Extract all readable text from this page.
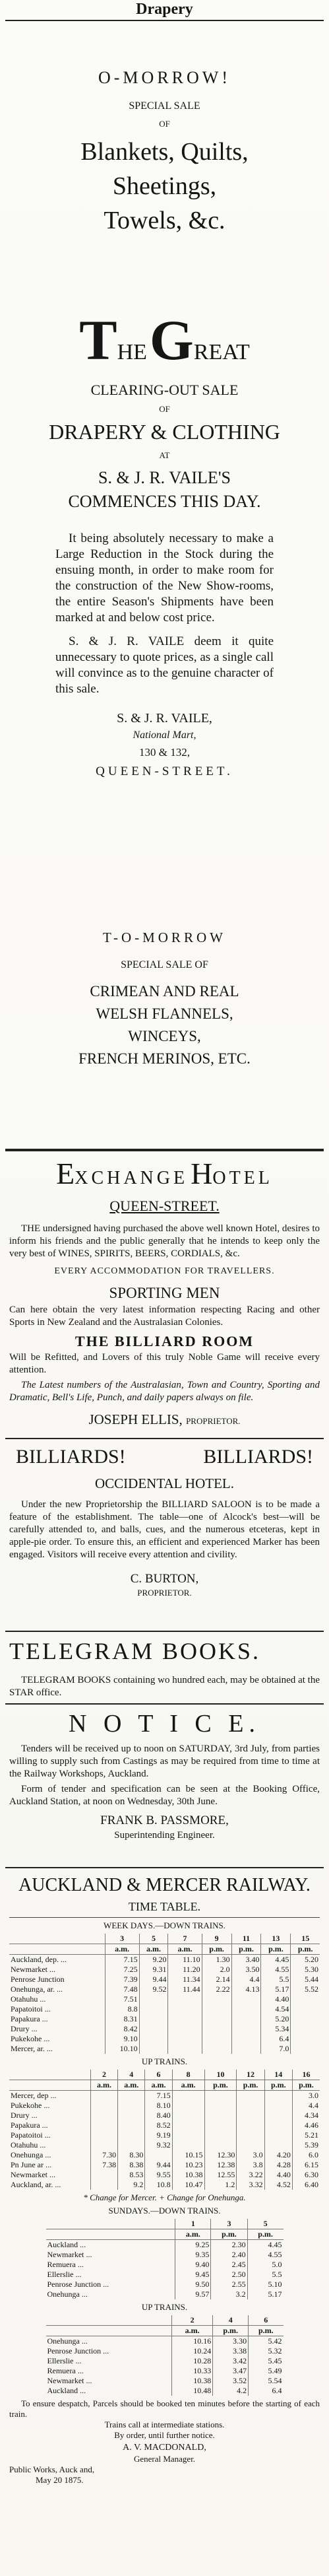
Drapery
O-MORROW!
SPECIAL SALE
OF
Blankets, Quilts,
Sheetings,
Towels, &c.
THE GREAT
CLEARING-OUT SALE
OF
DRAPERY & CLOTHING
AT
S. & J. R. VAILE'S
COMMENCES THIS DAY.
It being absolutely necessary to make a Large Reduction in the Stock during the ensuing month, in order to make room for the construction of the New Show-rooms, the entire Season's Shipments have been marked at and below cost price.
S. & J. R. VAILE deem it quite unnecessary to quote prices, as a single call will convince as to the genuine character of this sale.
S. & J. R. VAILE,
National Mart,
130 & 132,
QUEEN-STREET.
T-O-MORROW
SPECIAL SALE OF
CRIMEAN AND REAL
WELSH FLANNELS,
WINCEYS,
FRENCH MERINOS, ETC.
EXCHANGE HOTEL
QUEEN-STREET.
THE undersigned having purchased the above well known Hotel, desires to inform his friends and the public generally that he intends to keep only the very best of WINES, SPIRITS, BEERS, CORDIALS, &c.
EVERY ACCOMMODATION FOR TRAVELLERS.
SPORTING MEN
Can here obtain the very latest information respecting Racing and other Sports in New Zealand and the Australasian Colonies.
THE BILLIARD ROOM
Will be Refitted, and Lovers of this truly Noble Game will receive every attention.
The Latest numbers of the Australasian, Town and Country, Sporting and Dramatic, Bell's Life, Punch, and daily papers always on file.
JOSEPH ELLIS, PROPRIETOR.
BILLIARDS!	BILLIARDS!
OCCIDENTAL HOTEL.
Under the new Proprietorship the BILLIARD SALOON is to be made a feature of the establishment. The table—one of Alcock's best—will be carefully attended to, and balls, cues, and the numerous etceteras, kept in apple-pie order. To ensure this, an efficient and experienced Marker has been engaged. Visitors will receive every attention and civility.
C. BURTON,
PROPRIETOR.
TELEGRAM BOOKS.
TELEGRAM BOOKS containing wo hundred each, may be obtained at the STAR office.
N O T I C E.
Tenders will be received up to noon on SATURDAY, 3rd July, from parties willing to supply such from Castings as may be required from time to time at the Railway Workshops, Auckland.
Form of tender and specification can be seen at the Booking Office, Auckland Station, at noon on Wednesday, 30th June.
FRANK B. PASSMORE,
Superintending Engineer.
AUCKLAND & MERCER RAILWAY.
TIME TABLE.
WEEK DAYS.—DOWN TRAINS.
	3	5	7	9	11	13	15
	a.m.	a.m.	a.m.	p.m.	p.m.	p.m.	p.m.
Auckland, dep. ...	7.15	9.20	11.10	1.30	3.40	4.45	5.20
Newmarket ...	7.25	9.31	11.20	2.0	3.50	4.55	5.30
Penrose Junction	7.39	9.44	11.34	2.14	4.4	5.5	5.44
Onehunga, ar. ...	7.48	9.52	11.44	2.22	4.13	5.17	5.52
Otahuhu ...	7.51					4.40	
Papatoitoi ...	8.8					4.54	
Papakura ...	8.31					5.20	
Drury ...	8.42					5.34	
Pukekohe ...	9.10					6.4	
Mercer, ar. ...	10.10					7.0	
UP TRAINS.
	2	4	6	8	10	12	14	16
	a.m.	a.m.	a.m.	a.m.	p.m.	p.m.	p.m.	p.m.
Mercer, dep ...			7.15					3.0
Pukekohe ...			8.10					4.4
Drury ...			8.40					4.34
Papakura ...			8.52					4.46
Papatoitoi ...			9.19					5.21
Otahuhu ...			9.32					5.39
Onehunga ...	7.30	8.30		10.15	12.30	3.0	4.20	6.0
Pn June ar ...	7.38	8.38	9.44	10.23	12.38	3.8	4.28	6.15
Newmarket ...		8.53	9.55	10.38	12.55	3.22	4.40	6.30
Auckland, ar. ...		9.2	10.8	10.47	1.2	3.32	4.52	6.40
* Change for Mercer. + Change for Onehunga.
SUNDAYS.—DOWN TRAINS.
	1	3	5
	a.m.	p.m.	p.m.
Auckland ...	9.25	2.30	4.45
Newmarket ...	9.35	2.40	4.55
Remuera ...	9.40	2.45	5.0
Ellerslie ...	9.45	2.50	5.5
Penrose Junction ...	9.50	2.55	5.10
Onehunga ...	9.57	3.2	5.17
UP TRAINS.
	2	4	6
	a.m.	p.m.	p.m.
Onehunga ...	10.16	3.30	5.42
Penrose Junction ...	10.24	3.38	5.32
Ellerslie ...	10.28	3.42	5.45
Remuera ...	10.33	3.47	5.49
Newmarket ...	10.38	3.52	5.54
Auckland ...	10.48	4.2	6.4
To ensure despatch, Parcels should be booked ten minutes before the starting of each train.
Trains call at intermediate stations.
By order, until further notice.
A. V. MACDONALD,
General Manager.
Public Works, Auck and,
May 20 1875.
